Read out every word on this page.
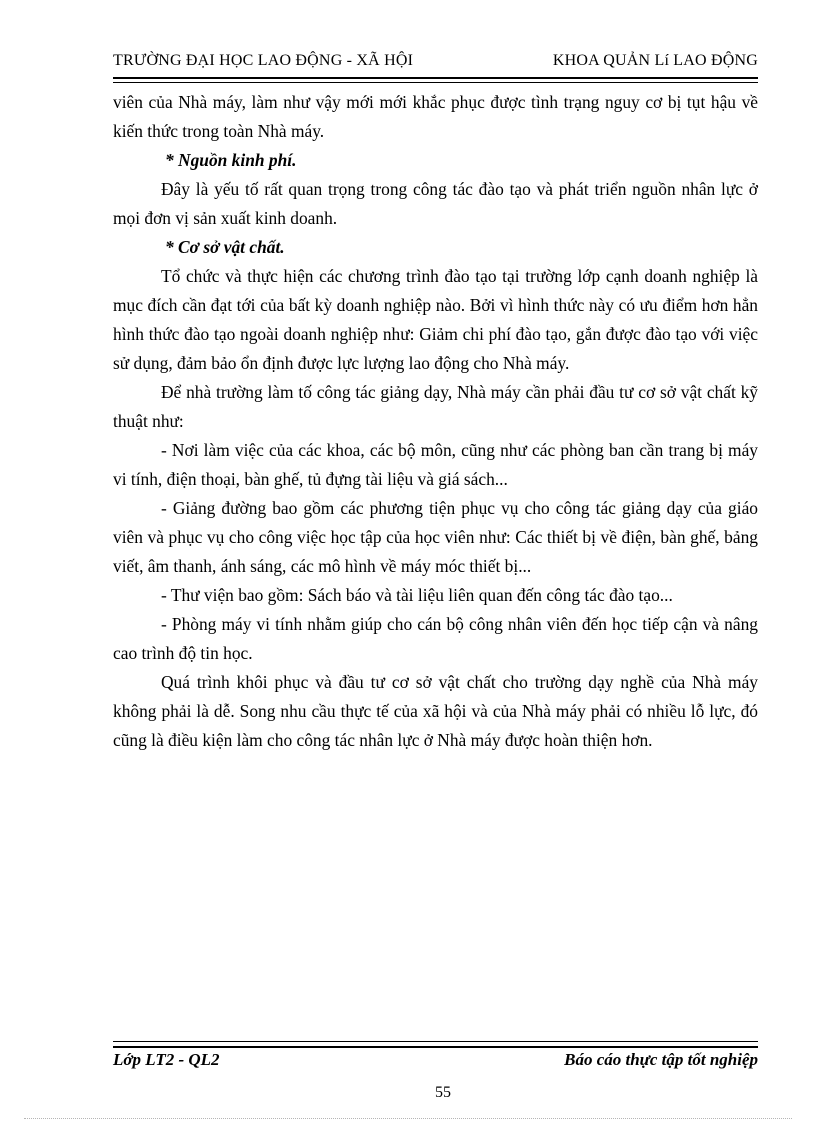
TRƯỜNG ĐẠI HỌC LAO ĐỘNG - XÃ HỘI	KHOA QUẢN Lí LAO ĐỘNG

viên của Nhà máy, làm như vậy mới mới khắc phục được tình trạng nguy cơ bị tụt hậu về kiến thức trong toàn Nhà máy.

* Nguồn kinh phí.

Đây là yếu tố rất quan trọng trong công tác đào tạo và phát triển nguồn nhân lực ở mọi đơn vị sản xuất kinh doanh.

* Cơ sở vật chất.

Tổ chức và thực hiện các chương trình đào tạo tại trường lớp cạnh doanh nghiệp là mục đích cần đạt tới của bất kỳ doanh nghiệp nào. Bởi vì hình thức này có ưu điểm hơn hẳn hình thức đào tạo ngoài doanh nghiệp như: Giảm chi phí đào tạo, gắn được đào tạo với việc sử dụng, đảm bảo ổn định được lực lượng lao động cho Nhà máy.

Để nhà trường làm tố công tác giảng dạy, Nhà máy cần phải đầu tư cơ sở vật chất kỹ thuật như:

- Nơi làm việc của các khoa, các bộ môn, cũng như các phòng ban cần trang bị máy vi tính, điện thoại, bàn ghế, tủ đựng tài liệu và giá sách...

- Giảng đường bao gồm các phương tiện phục vụ cho công tác giảng dạy của giáo viên và phục vụ cho công việc học tập của học viên như: Các thiết bị về điện, bàn ghế, bảng viết, âm thanh, ánh sáng, các mô hình về máy móc thiết bị...

- Thư viện bao gồm: Sách báo và tài liệu liên quan đến công tác đào tạo...

- Phòng máy vi tính nhằm giúp cho cán bộ công nhân viên đến học tiếp cận và nâng cao trình độ tin học.

Quá trình khôi phục và đầu tư cơ sở vật chất cho trường dạy nghề của Nhà máy không phải là dễ. Song nhu cầu thực tế của xã hội và của Nhà máy phải có nhiều lỗ lực, đó cũng là điều kiện làm cho công tác nhân lực ở Nhà máy được hoàn thiện hơn.

Lớp LT2 - QL2	Báo cáo thực tập tốt nghiệp
55
